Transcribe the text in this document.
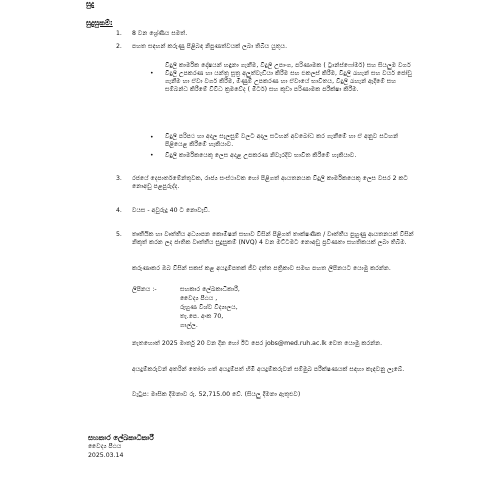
සුදු
සුදුසුකම්:
1. 8 වන ශ්‍රේණිය සමත්.
2. පහත සඳහන් කරුණු පිළිබඳ නිපුණත්වයක් ලබා තිබිය යුතුය.
•
විදුලි කාර්මික දෝෂයන් හඳුනා ගැනීම, විදුලි උපාංග, පරිණාමක ( ට්‍රාන්ස්ෆෝමර්) සහ සියලුම වර්ග විදුලි උපකරණ හා යන්ත්‍ර සූත්‍ර අලුත්වැඩියා කිරීම සහ එකලස් කිරීම, විදුලි රැහැන් සහ වයර් ජෝඩු ගැනීම හා ඒවා වර්ග කිරීම, මිණුම් උපකරණ හා ඒවායේ භාවිතය, විදුලි රැහැන් ඇදීමේ සහ සම්බන්ධ කිරීමේ විවිධ ක්‍රමවේද ( මීටර්) සහ කුඩා පරිණාමක පරීක්ෂා කිරීම.
• විදුලි පරිපථ හා අදාල සැලසුම් වලට අදාල සටහන් අවබෝධ කර ගැනීමේ හා ඒ අනුව සටහන් පිළියෙළ කිරීමේ හැකියාව.
• විදුලි කාර්මිකයෙකු ලෙස අදාළ උපකරණ නිවැරදිව භාවිත කිරීමේ හැකියාව.
3. රජයේ දෙපාර්තමේන්තුවක, රාජ්‍ය සංස්ථාවක හෝ පිළිගත් ආයතනයක විදුලි කාර්මිකයෙකු ලෙස වසර 2 කට නොඅඩු පළපුරුද්ද.
4. වයස - අවුරුදු 40 ට නොවැඩි.
5. තෘතීයික හා වෘත්තීය අධ්‍යාපන කොමිෂන් සභාව විසින් පිළිගත් තාක්ෂණික / වෘත්තීය පුහුණු ආයතනයක් විසින් නිකුත් කරන ලද ජාතික වෘත්තීය සුදුසුකම් (NVQ) 4 වන මට්ටමට නොඅඩු ප්‍රවීණතා සහතිකයක් ලබා තිබීම.
කරුණාකර ඔබ විසින් සකස් කළ අයදුම්පතක් ජීව දත්ත පත්‍රිකාව සමඟ පහත ලිපිනයට යොමු කරන්න.
ලිපිනය :-	සහකාර ලේඛකාධිකාරී,
වෛද්‍ය පීඨය ,
රුහුණ විශ්ව විද්‍යාලය,
තැ.පෙ. අංක 70,
ගාල්ල.
නැතහොත් 2025 මාර්තු 20 වන දින හෝ ඊට පෙර jobs@med.ruh.ac.lk වෙත යොමු කරන්න.
අයදුම්කරුවන් අතරින් තෝරා ගත් අයදුම්පත් හිමි අයදුම්කරුවන් සම්මුඛ පරීක්ෂණයක් සඳහා කැඳවනු ලැබේ.
වැටුප: මාසික දීමනාව රු. 52,715.00 වේ. (සියලු දීමනා ඇතුළුව)
සහකාර ලේඛකාධිකාරී
වෛද්‍ය පීඨය
2025.03.14
